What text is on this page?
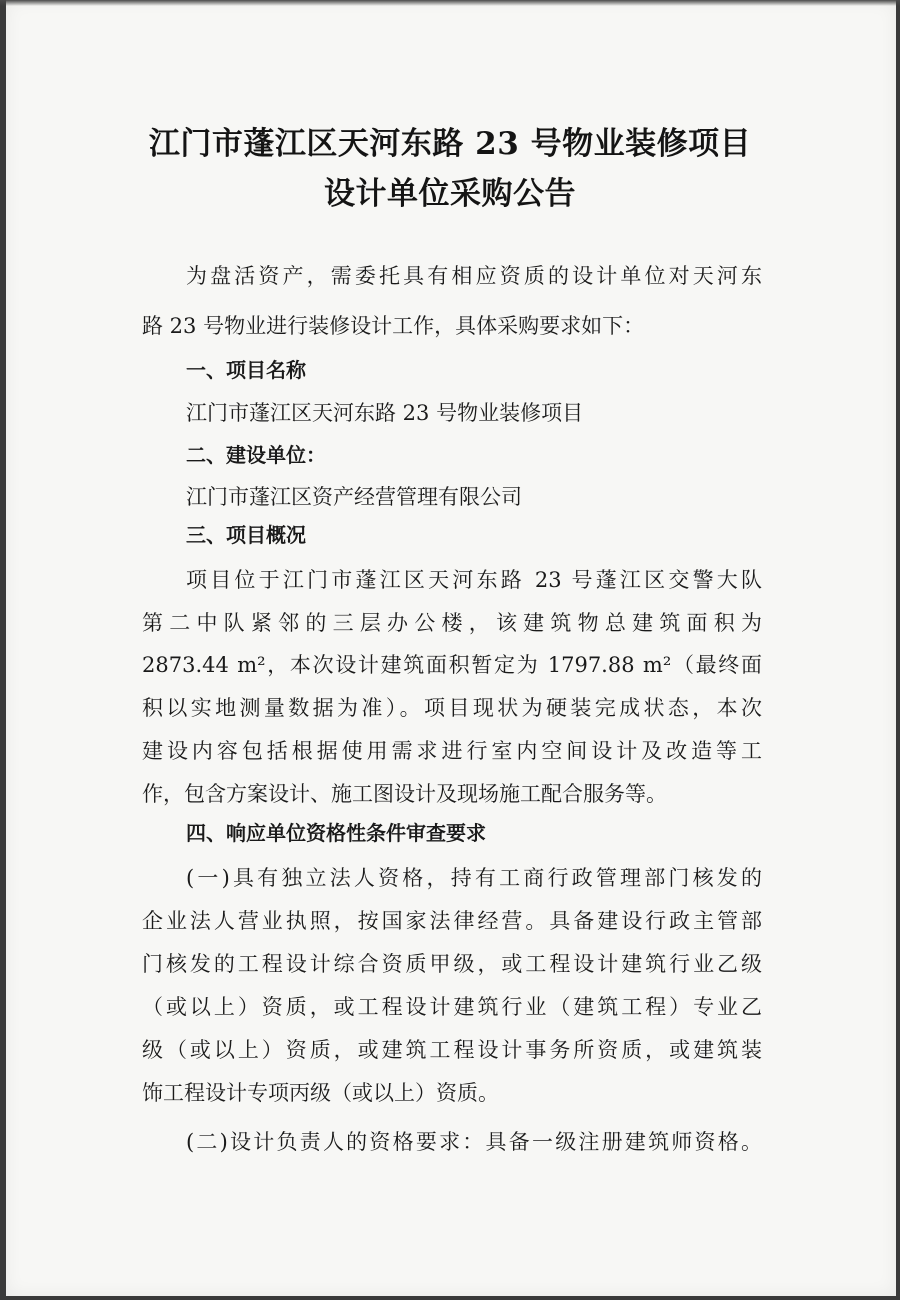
江门市蓬江区天河东路 23 号物业装修项目
设计单位采购公告

为盘活资产，需委托具有相应资质的设计单位对天河东

路 23 号物业进行装修设计工作，具体采购要求如下：

一、项目名称

江门市蓬江区天河东路 23 号物业装修项目

二、建设单位：

江门市蓬江区资产经营管理有限公司

三、项目概况

项目位于江门市蓬江区天河东路 23 号蓬江区交警大队

第二中队紧邻的三层办公楼，该建筑物总建筑面积为

2873.44 m²，本次设计建筑面积暂定为 1797.88 m²（最终面

积以实地测量数据为准）。项目现状为硬装完成状态，本次

建设内容包括根据使用需求进行室内空间设计及改造等工

作，包含方案设计、施工图设计及现场施工配合服务等。

四、响应单位资格性条件审查要求

(一)具有独立法人资格，持有工商行政管理部门核发的

企业法人营业执照，按国家法律经营。具备建设行政主管部

门核发的工程设计综合资质甲级，或工程设计建筑行业乙级

（或以上）资质，或工程设计建筑行业（建筑工程）专业乙

级（或以上）资质，或建筑工程设计事务所资质，或建筑装

饰工程设计专项丙级（或以上）资质。

(二)设计负责人的资格要求：具备一级注册建筑师资格。
